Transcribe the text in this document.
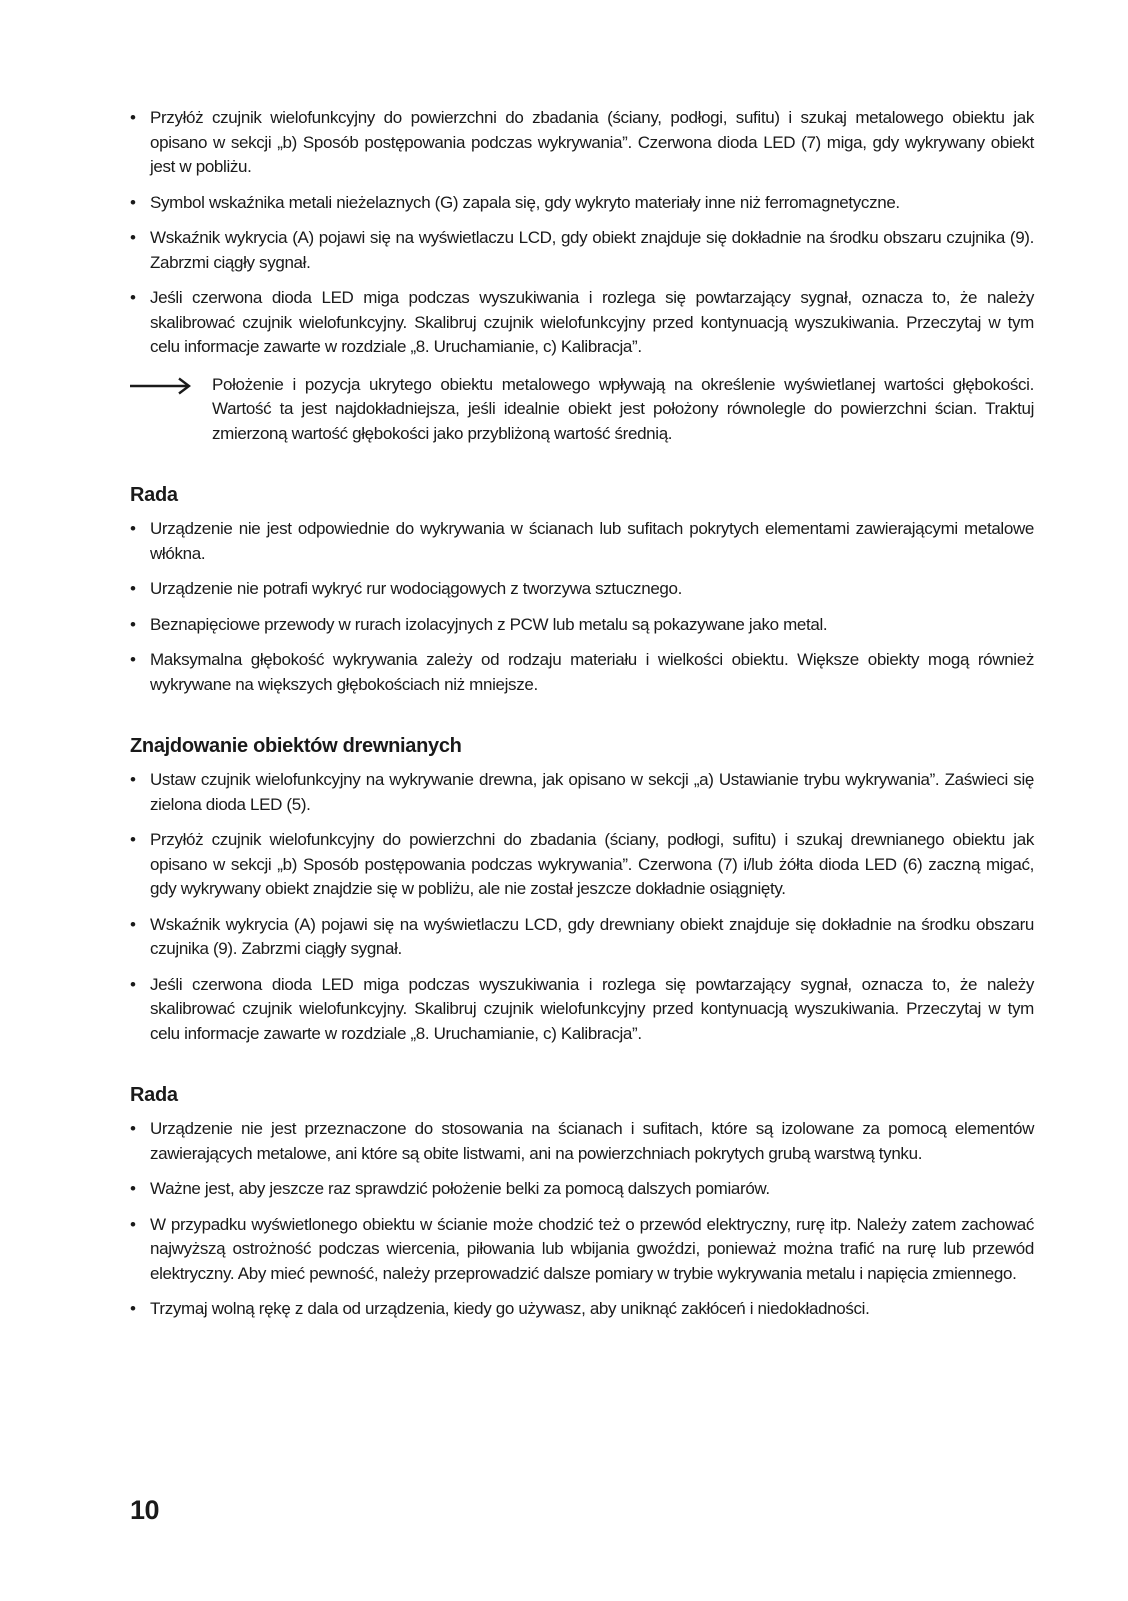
• Przyłóż czujnik wielofunkcyjny do powierzchni do zbadania (ściany, podłogi, sufitu) i szukaj metalowego obiektu jak opisano w sekcji „b) Sposób postępowania podczas wykrywania”. Czerwona dioda LED (7) miga, gdy wykrywany obiekt jest w pobliżu.
• Symbol wskaźnika metali nieżelaznych (G) zapala się, gdy wykryto materiały inne niż ferromagnetyczne.
• Wskaźnik wykrycia (A) pojawi się na wyświetlaczu LCD, gdy obiekt znajduje się dokładnie na środku obszaru czujnika (9). Zabrzmi ciągły sygnał.
• Jeśli czerwona dioda LED miga podczas wyszukiwania i rozlega się powtarzający sygnał, oznacza to, że należy skalibrować czujnik wielofunkcyjny. Skalibruj czujnik wielofunkcyjny przed kontynuacją wyszukiwania. Przeczytaj w tym celu informacje zawarte w rozdziale „8. Uruchamianie, c) Kalibracja”.
Położenie i pozycja ukrytego obiektu metalowego wpływają na określenie wyświetlanej wartości głębokości. Wartość ta jest najdokładniejsza, jeśli idealnie obiekt jest położony równolegle do powierzchni ścian. Traktuj zmierzoną wartość głębokości jako przybliżoną wartość średnią.
Rada
• Urządzenie nie jest odpowiednie do wykrywania w ścianach lub sufitach pokrytych elementami zawierającymi metalowe włókna.
• Urządzenie nie potrafi wykryć rur wodociągowych z tworzywa sztucznego.
• Beznapięciowe przewody w rurach izolacyjnych z PCW lub metalu są pokazywane jako metal.
• Maksymalna głębokość wykrywania zależy od rodzaju materiału i wielkości obiektu. Większe obiekty mogą również wykrywane na większych głębokościach niż mniejsze.
Znajdowanie obiektów drewnianych
• Ustaw czujnik wielofunkcyjny na wykrywanie drewna, jak opisano w sekcji „a) Ustawianie trybu wykrywania”. Zaświeci się zielona dioda LED (5).
• Przyłóż czujnik wielofunkcyjny do powierzchni do zbadania (ściany, podłogi, sufitu) i szukaj drewnianego obiektu jak opisano w sekcji „b) Sposób postępowania podczas wykrywania”. Czerwona (7) i/lub żółta dioda LED (6) zaczną migać, gdy wykrywany obiekt znajdzie się w pobliżu, ale nie został jeszcze dokładnie osiągnięty.
• Wskaźnik wykrycia (A) pojawi się na wyświetlaczu LCD, gdy drewniany obiekt znajduje się dokładnie na środku obszaru czujnika (9). Zabrzmi ciągły sygnał.
• Jeśli czerwona dioda LED miga podczas wyszukiwania i rozlega się powtarzający sygnał, oznacza to, że należy skalibrować czujnik wielofunkcyjny. Skalibruj czujnik wielofunkcyjny przed kontynuacją wyszukiwania. Przeczytaj w tym celu informacje zawarte w rozdziale „8. Uruchamianie, c) Kalibracja”.
Rada
• Urządzenie nie jest przeznaczone do stosowania na ścianach i sufitach, które są izolowane za pomocą elementów zawierających metalowe, ani które są obite listwami, ani na powierzchniach pokrytych grubą warstwą tynku.
• Ważne jest, aby jeszcze raz sprawdzić położenie belki za pomocą dalszych pomiarów.
• W przypadku wyświetlonego obiektu w ścianie może chodzić też o przewód elektryczny, rurę itp. Należy zatem zachować najwyższą ostrożność podczas wiercenia, piłowania lub wbijania gwoździ, ponieważ można trafić na rurę lub przewód elektryczny. Aby mieć pewność, należy przeprowadzić dalsze pomiary w trybie wykrywania metalu i napięcia zmiennego.
• Trzymaj wolną rękę z dala od urządzenia, kiedy go używasz, aby uniknąć zakłóceń i niedokładności.
10
